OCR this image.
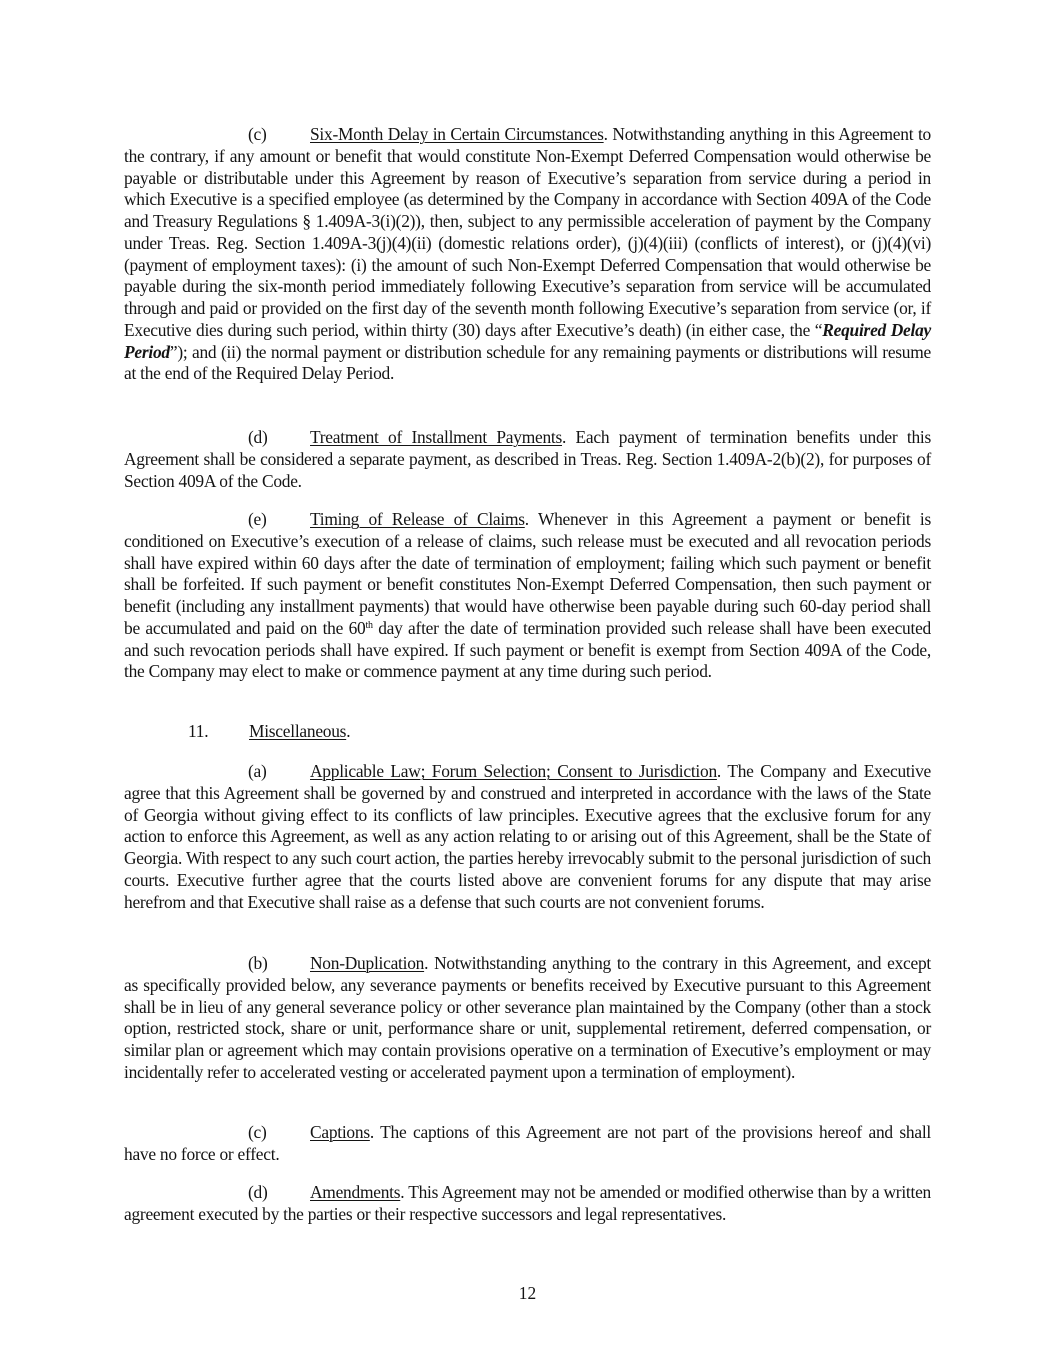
(c) Six-Month Delay in Certain Circumstances. Notwithstanding anything in this Agreement to the contrary, if any amount or benefit that would constitute Non-Exempt Deferred Compensation would otherwise be payable or distributable under this Agreement by reason of Executive’s separation from service during a period in which Executive is a specified employee (as determined by the Company in accordance with Section 409A of the Code and Treasury Regulations § 1.409A-3(i)(2)), then, subject to any permissible acceleration of payment by the Company under Treas. Reg. Section 1.409A-3(j)(4)(ii) (domestic relations order), (j)(4)(iii) (conflicts of interest), or (j)(4)(vi) (payment of employment taxes): (i) the amount of such Non-Exempt Deferred Compensation that would otherwise be payable during the six-month period immediately following Executive’s separation from service will be accumulated through and paid or provided on the first day of the seventh month following Executive’s separation from service (or, if Executive dies during such period, within thirty (30) days after Executive’s death) (in either case, the “Required Delay Period”); and (ii) the normal payment or distribution schedule for any remaining payments or distributions will resume at the end of the Required Delay Period.

(d) Treatment of Installment Payments. Each payment of termination benefits under this Agreement shall be considered a separate payment, as described in Treas. Reg. Section 1.409A-2(b)(2), for purposes of Section 409A of the Code.

(e) Timing of Release of Claims. Whenever in this Agreement a payment or benefit is conditioned on Executive’s execution of a release of claims, such release must be executed and all revocation periods shall have expired within 60 days after the date of termination of employment; failing which such payment or benefit shall be forfeited. If such payment or benefit constitutes Non-Exempt Deferred Compensation, then such payment or benefit (including any installment payments) that would have otherwise been payable during such 60-day period shall be accumulated and paid on the 60th day after the date of termination provided such release shall have been executed and such revocation periods shall have expired. If such payment or benefit is exempt from Section 409A of the Code, the Company may elect to make or commence payment at any time during such period.

11. Miscellaneous.

(a) Applicable Law; Forum Selection; Consent to Jurisdiction. The Company and Executive agree that this Agreement shall be governed by and construed and interpreted in accordance with the laws of the State of Georgia without giving effect to its conflicts of law principles. Executive agrees that the exclusive forum for any action to enforce this Agreement, as well as any action relating to or arising out of this Agreement, shall be the State of Georgia. With respect to any such court action, the parties hereby irrevocably submit to the personal jurisdiction of such courts. Executive further agree that the courts listed above are convenient forums for any dispute that may arise herefrom and that Executive shall raise as a defense that such courts are not convenient forums.

(b) Non-Duplication. Notwithstanding anything to the contrary in this Agreement, and except as specifically provided below, any severance payments or benefits received by Executive pursuant to this Agreement shall be in lieu of any general severance policy or other severance plan maintained by the Company (other than a stock option, restricted stock, share or unit, performance share or unit, supplemental retirement, deferred compensation, or similar plan or agreement which may contain provisions operative on a termination of Executive’s employment or may incidentally refer to accelerated vesting or accelerated payment upon a termination of employment).

(c) Captions. The captions of this Agreement are not part of the provisions hereof and shall have no force or effect.

(d) Amendments. This Agreement may not be amended or modified otherwise than by a written agreement executed by the parties or their respective successors and legal representatives.

12
